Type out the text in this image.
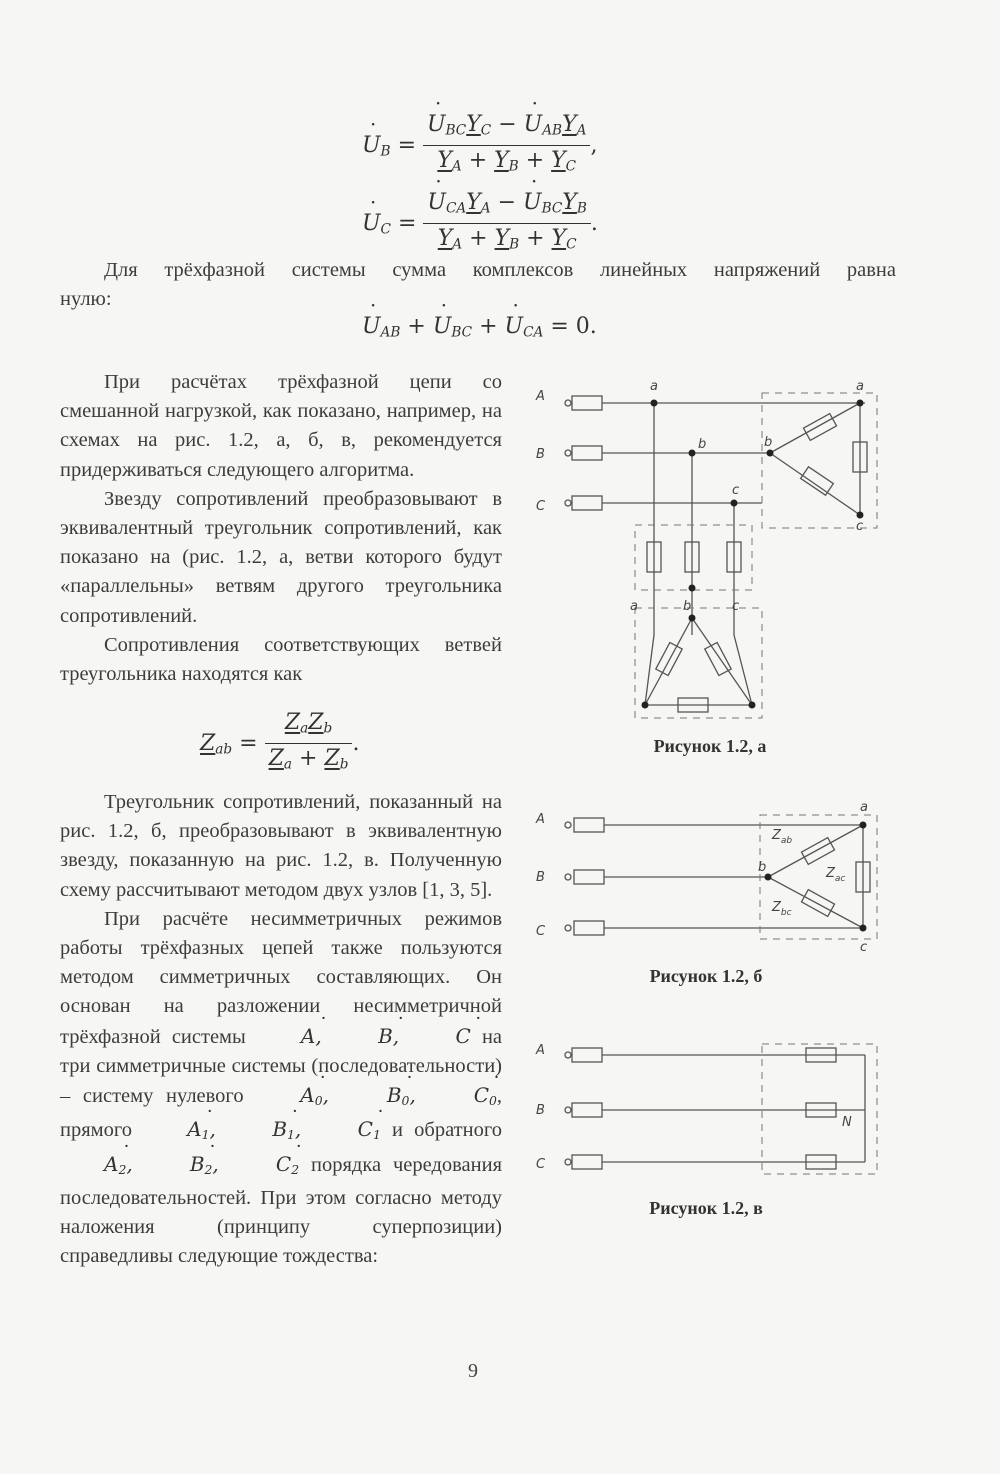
˙ $U_B$ = ˙ $\frac{U_{BC}Y_C - ˙ U_{AB}Y_A}{Y_A + Y_B + Y_C}$ ,
˙ $U_C$ = ˙ $\frac{U_{CA}Y_A - ˙ U_{BC}Y_B}{Y_A + Y_B + Y_C}$ .
Для трёхфазной системы сумма комплексов линейных напряжений равна
нулю:
˙ $U_{AB}$ + ˙ $U_{BC}$ + ˙ $U_{CA} = 0$.

При расчётах трёхфазной цепи со смешанной нагрузкой, как показано, например, на схемах на рис. 1.2, а, б, в, рекомендуется придерживаться следующего алгоритма.

Звезду сопротивлений преобразовывают в эквивалентный треугольник сопротивлений, как показано на (рис. 1.2, а, ветви которого будут «параллельны» ветвям другого треугольника сопротивлений.

Сопротивления соответствующих ветвей треугольника находятся как

$Z_{ab} = \frac{Z_aZ_b}{Z_a + Z_b}$ .

Треугольник сопротивлений, показанный на рис. 1.2, б, преобразовывают в эквивалентную звезду, показанную на рис. 1.2, в. Полученную схему рассчитывают методом двух узлов [1, 3, 5].

При расчёте несимметричных режимов работы трёхфазных цепей также пользуются методом симметричных составляющих. Он основан на разложении несимметричной трёхфазной системы	˙ A, ˙ B, ˙ C на три симметричные системы (последовательности) – систему нулевого	˙ $A_0$, ˙ $B_0$, ˙ $C_0$, прямого	˙ $A_1$, ˙ $B_1$, ˙ $C_1$ и обратного ˙ $A_2$, ˙ $B_2$, ˙ $C_2$ порядка чередования последовательностей. При этом согласно методу наложения (принципу суперпозиции) справедливы следующие тождества:

A
B
C
a	a
b	b
c
c
a	b	c
Рисунок 1.2, а
A
B
C
a
b
c
$Z_{ab}$
$Z_{ac}$
$Z_{bc}$
Рисунок 1.2, б
A
B
C
N
Рисунок 1.2, в
9
